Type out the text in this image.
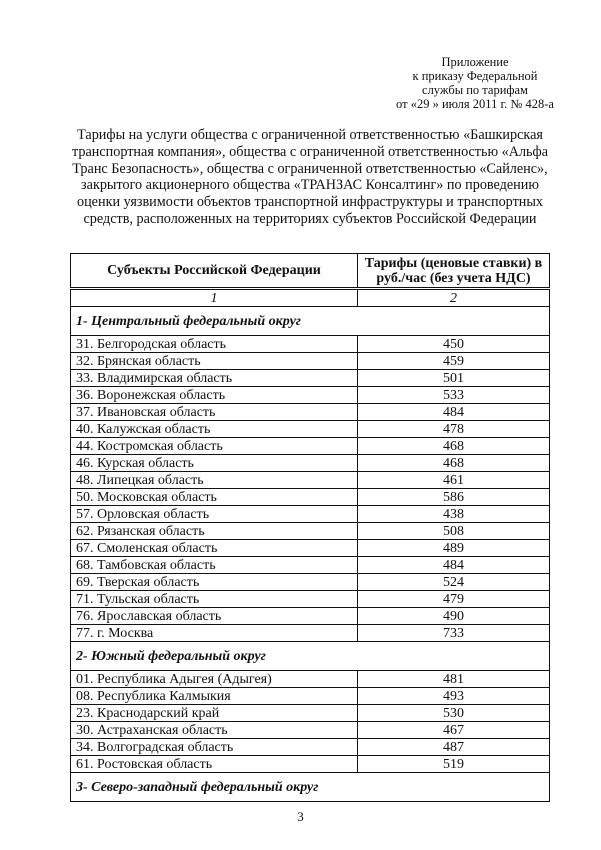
Приложение
к приказу Федеральной
службы по тарифам
от «29 » июля 2011 г. № 428-а
Тарифы на услуги общества с ограниченной ответственностью «Башкирская
транспортная компания», общества с ограниченной ответственностью «Альфа
Транс Безопасность», общества с ограниченной ответственностью «Сайленс»,
закрытого акционерного общества «ТРАНЗАС Консалтинг» по проведению
оценки уязвимости объектов транспортной инфраструктуры и транспортных
средств, расположенных на территориях субъектов Российской Федерации
Субъекты Российской Федерации	Тарифы (ценовые ставки) в руб./час (без учета НДС)
1	2
1- Центральный федеральный округ	
31. Белгородская область	450
32. Брянская область	459
33. Владимирская область	501
36. Воронежская область	533
37. Ивановская область	484
40. Калужская область	478
44. Костромская область	468
46. Курская область	468
48. Липецкая область	461
50. Московская область	586
57. Орловская область	438
62. Рязанская область	508
67. Смоленская область	489
68. Тамбовская область	484
69. Тверская область	524
71. Тульская область	479
76. Ярославская область	490
77. г. Москва	733
2- Южный федеральный округ	
01. Республика Адыгея (Адыгея)	481
08. Республика Калмыкия	493
23. Краснодарский край	530
30. Астраханская область	467
34. Волгоградская область	487
61. Ростовская область	519
3- Северо-западный федеральный округ	
3
